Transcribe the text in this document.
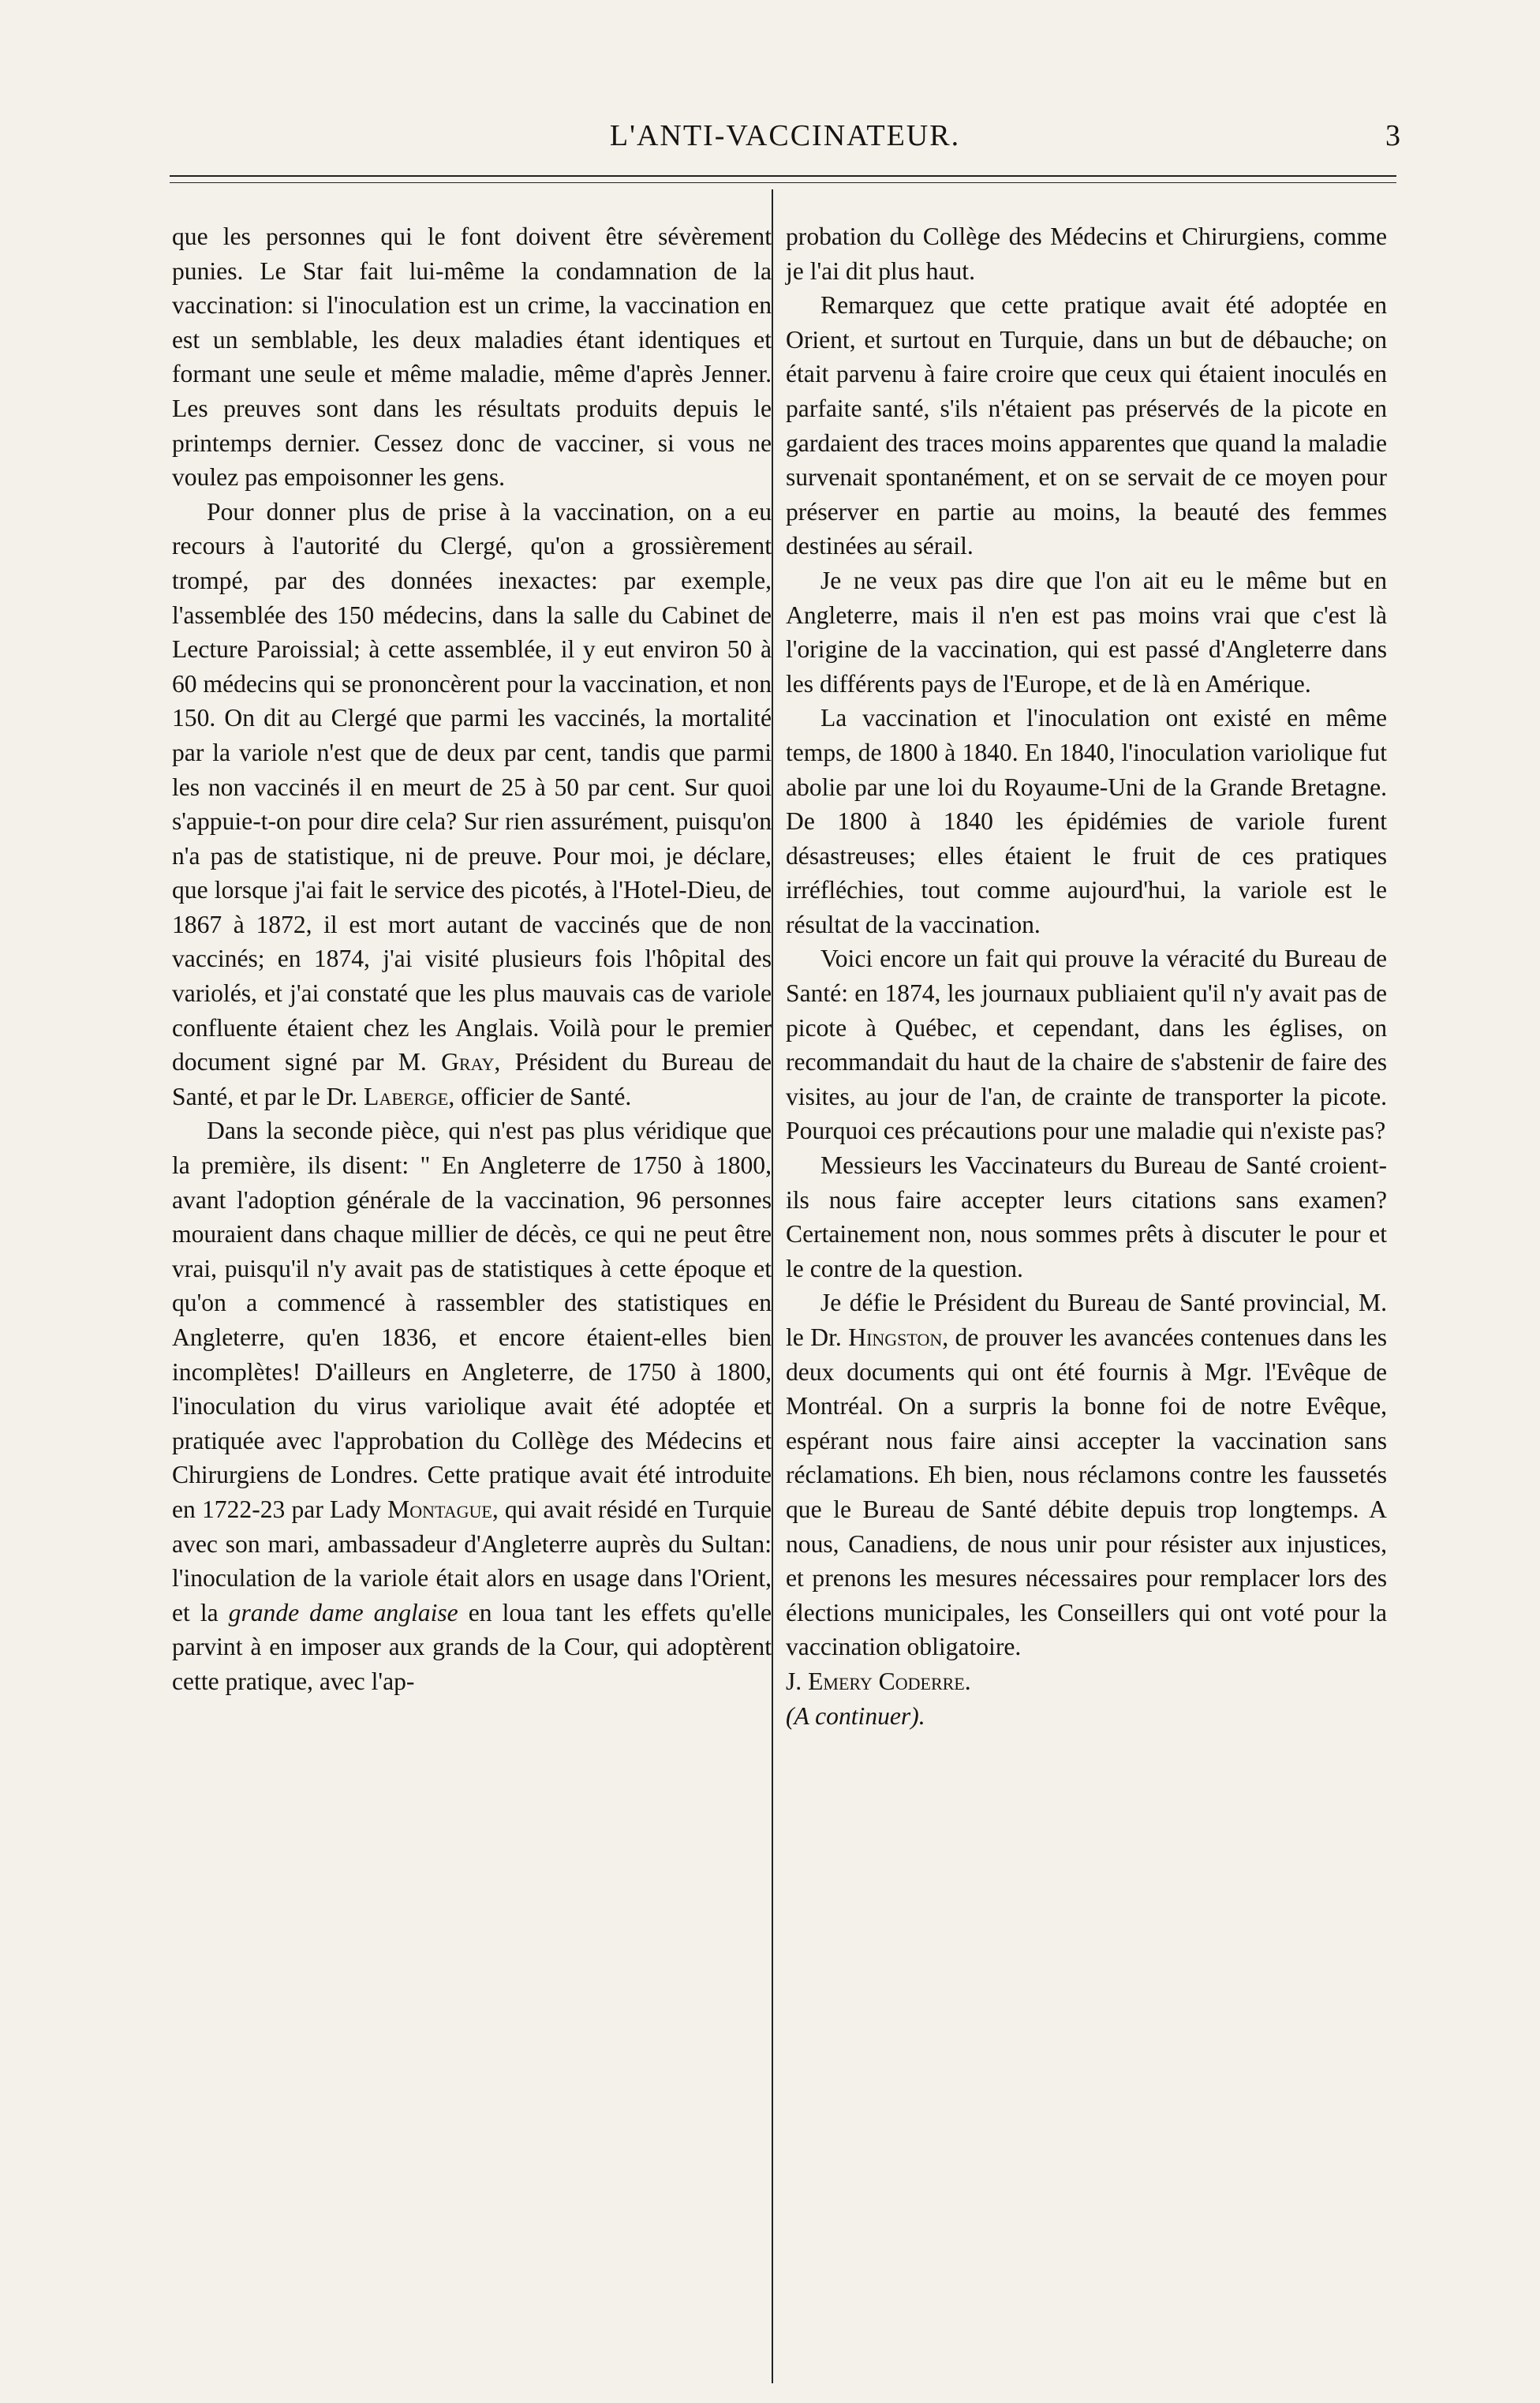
L'ANTI-VACCINATEUR.	3

que les personnes qui le font doivent être sévèrement punies. Le Star fait lui-même la condamnation de la vaccination: si l'inoculation est un crime, la vaccination en est un semblable, les deux maladies étant identiques et formant une seule et même maladie, même d'après Jenner. Les preuves sont dans les résultats produits depuis le printemps dernier. Cessez donc de vacciner, si vous ne voulez pas empoisonner les gens.

Pour donner plus de prise à la vaccination, on a eu recours à l'autorité du Clergé, qu'on a grossièrement trompé, par des données inexactes: par exemple, l'assemblée des 150 médecins, dans la salle du Cabinet de Lecture Paroissial; à cette assemblée, il y eut environ 50 à 60 médecins qui se prononcèrent pour la vaccination, et non 150. On dit au Clergé que parmi les vaccinés, la mortalité par la variole n'est que de deux par cent, tandis que parmi les non vaccinés il en meurt de 25 à 50 par cent. Sur quoi s'appuie-t-on pour dire cela? Sur rien assurément, puisqu'on n'a pas de statistique, ni de preuve. Pour moi, je déclare, que lorsque j'ai fait le service des picotés, à l'Hotel-Dieu, de 1867 à 1872, il est mort autant de vaccinés que de non vaccinés; en 1874, j'ai visité plusieurs fois l'hôpital des variolés, et j'ai constaté que les plus mauvais cas de variole confluente étaient chez les Anglais. Voilà pour le premier document signé par M. Gray, Président du Bureau de Santé, et par le Dr. Laberge, officier de Santé.

Dans la seconde pièce, qui n'est pas plus véridique que la première, ils disent: " En Angleterre de 1750 à 1800, avant l'adoption générale de la vaccination, 96 personnes mouraient dans chaque millier de décès, ce qui ne peut être vrai, puisqu'il n'y avait pas de statistiques à cette époque et qu'on a commencé à rassembler des statistiques en Angleterre, qu'en 1836, et encore étaient-elles bien incomplètes! D'ailleurs en Angleterre, de 1750 à 1800, l'inoculation du virus variolique avait été adoptée et pratiquée avec l'approbation du Collège des Médecins et Chirurgiens de Londres. Cette pratique avait été introduite en 1722-23 par Lady Montague, qui avait résidé en Turquie avec son mari, ambassadeur d'Angleterre auprès du Sultan: l'inoculation de la variole était alors en usage dans l'Orient, et la grande dame anglaise en loua tant les effets qu'elle parvint à en imposer aux grands de la Cour, qui adoptèrent cette pratique, avec l'ap-

probation du Collège des Médecins et Chirurgiens, comme je l'ai dit plus haut.

Remarquez que cette pratique avait été adoptée en Orient, et surtout en Turquie, dans un but de débauche; on était parvenu à faire croire que ceux qui étaient inoculés en parfaite santé, s'ils n'étaient pas préservés de la picote en gardaient des traces moins apparentes que quand la maladie survenait spontanément, et on se servait de ce moyen pour préserver en partie au moins, la beauté des femmes destinées au sérail.

Je ne veux pas dire que l'on ait eu le même but en Angleterre, mais il n'en est pas moins vrai que c'est là l'origine de la vaccination, qui est passé d'Angleterre dans les différents pays de l'Europe, et de là en Amérique.

La vaccination et l'inoculation ont existé en même temps, de 1800 à 1840. En 1840, l'inoculation variolique fut abolie par une loi du Royaume-Uni de la Grande Bretagne. De 1800 à 1840 les épidémies de variole furent désastreuses; elles étaient le fruit de ces pratiques irréfléchies, tout comme aujourd'hui, la variole est le résultat de la vaccination.

Voici encore un fait qui prouve la véracité du Bureau de Santé: en 1874, les journaux publiaient qu'il n'y avait pas de picote à Québec, et cependant, dans les églises, on recommandait du haut de la chaire de s'abstenir de faire des visites, au jour de l'an, de crainte de transporter la picote. Pourquoi ces précautions pour une maladie qui n'existe pas?

Messieurs les Vaccinateurs du Bureau de Santé croient-ils nous faire accepter leurs citations sans examen? Certainement non, nous sommes prêts à discuter le pour et le contre de la question.

Je défie le Président du Bureau de Santé provincial, M. le Dr. Hingston, de prouver les avancées contenues dans les deux documents qui ont été fournis à Mgr. l'Evêque de Montréal. On a surpris la bonne foi de notre Evêque, espérant nous faire ainsi accepter la vaccination sans réclamations. Eh bien, nous réclamons contre les faussetés que le Bureau de Santé débite depuis trop longtemps. A nous, Canadiens, de nous unir pour résister aux injustices, et prenons les mesures nécessaires pour remplacer lors des élections municipales, les Conseillers qui ont voté pour la vaccination obligatoire.

J. Emery Coderre.

(A continuer).
